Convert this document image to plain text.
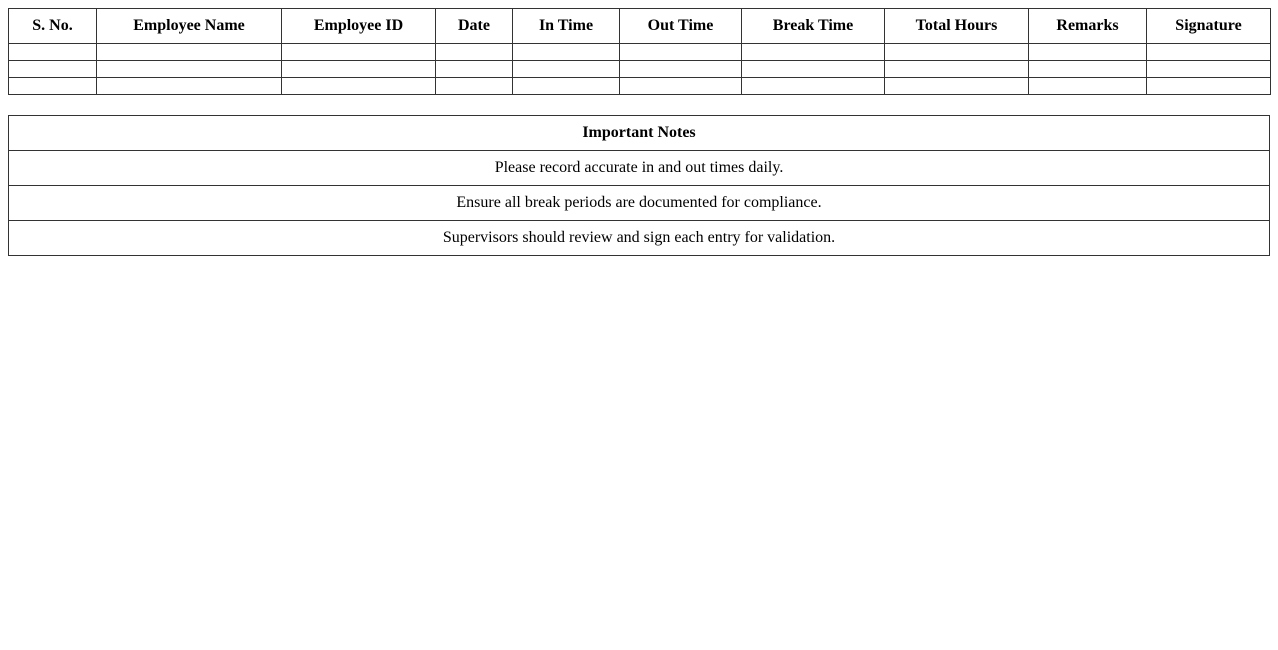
S. No.	Employee Name	Employee ID	Date	In Time	Out Time	Break Time	Total Hours	Remarks	Signature

Important Notes
Please record accurate in and out times daily.
Ensure all break periods are documented for compliance.
Supervisors should review and sign each entry for validation.
